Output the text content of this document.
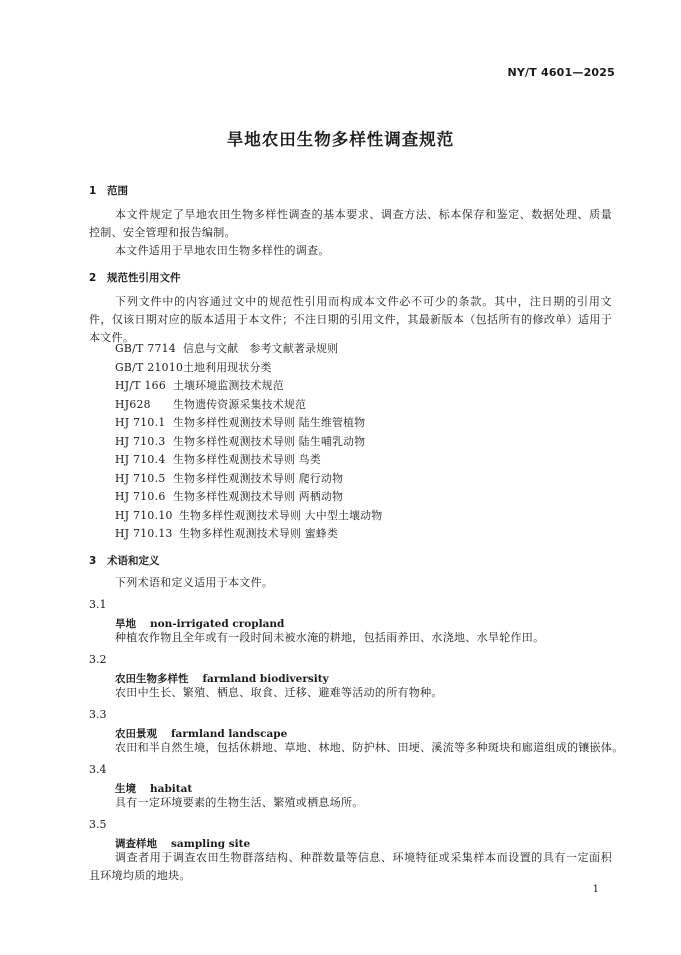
NY/T 4601—2025
旱地农田生物多样性调查规范
1 范围

本文件规定了旱地农田生物多样性调查的基本要求、调查方法、标本保存和鉴定、数据处理、质量控制、安全管理和报告编制。

本文件适用于旱地农田生物多样性的调查。
2 规范性引用文件

下列文件中的内容通过文中的规范性引用而构成本文件必不可少的条款。其中，注日期的引用文件，仅该日期对应的版本适用于本文件；不注日期的引用文件，其最新版本（包括所有的修改单）适用于本文件。

GB/T 7714 信息与文献　参考文献著录规则
GB/T 21010土地利用现状分类
HJ/T 166 土壤环境监测技术规范
HJ628 生物遗传资源采集技术规范
HJ 710.1 生物多样性观测技术导则 陆生维管植物
HJ 710.3 生物多样性观测技术导则 陆生哺乳动物
HJ 710.4 生物多样性观测技术导则 鸟类
HJ 710.5 生物多样性观测技术导则 爬行动物
HJ 710.6 生物多样性观测技术导则 两栖动物
HJ 710.10 生物多样性观测技术导则 大中型土壤动物
HJ 710.13 生物多样性观测技术导则 蜜蜂类
3 术语和定义
下列术语和定义适用于本文件。
3.1
旱地 non-irrigated cropland
种植农作物且全年或有一段时间未被水淹的耕地，包括雨养田、水浇地、水旱轮作田。
3.2
农田生物多样性 farmland biodiversity
农田中生长、繁殖、栖息、取食、迁移、避难等活动的所有物种。
3.3
农田景观 farmland landscape
农田和半自然生境，包括休耕地、草地、林地、防护林、田埂、溪流等多种斑块和廊道组成的镶嵌体。
3.4
生境 habitat
具有一定环境要素的生物生活、繁殖或栖息场所。
3.5
调查样地 sampling site
调查者用于调查农田生物群落结构、种群数量等信息、环境特征或采集样本而设置的具有一定面积且环境均质的地块。
1
